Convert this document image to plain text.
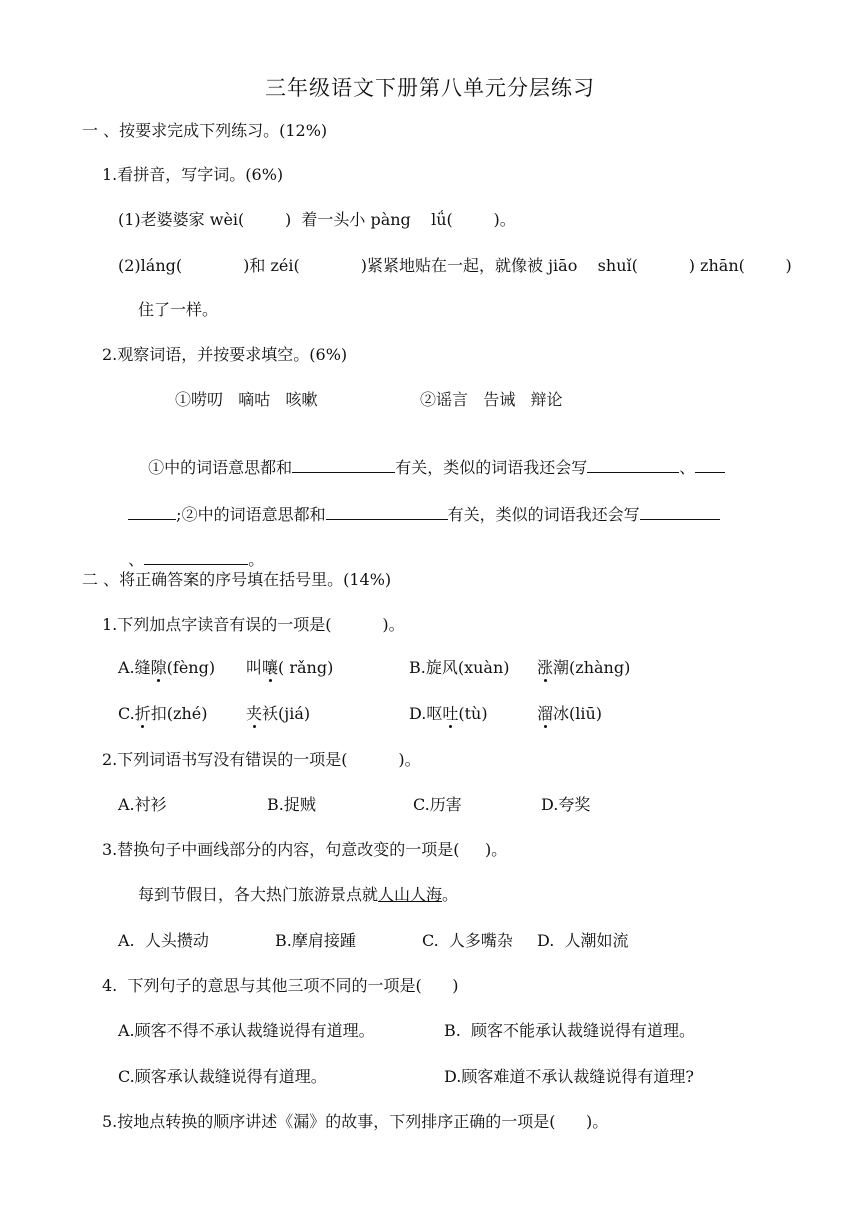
三年级语文下册第八单元分层练习
一 、按要求完成下列练习。(12%)
1.看拼音，写字词。(6%)
(1)老婆婆家 wèi(        )  着一头小 pàng    lǘ(        )。
(2)láng(            )和 zéi(            )紧紧地贴在一起，就像被 jiāo    shuǐ(          ) zhān(        )
住了一样。
2.观察词语，并按要求填空。(6%)
①唠叨   嘀咕   咳嗽	②谣言   告诫   辩论

①中的词语意思都和	有关，类似的词语我还会写	、

;②中的词语意思都和	有关，类似的词语我还会写

、	。

二 、将正确答案的序号填在括号里。(14%)
1.下列加点字读音有误的一项是(          )。
A.缝隙(fèng) 叫嚷( rǎng)	B.旋风(xuàn) 涨潮(zhàng)
C.折扣(zhé) 夹袄(jiá)	D.呕吐(tù)	溜冰(liū)
2.下列词语书写没有错误的一项是(          )。
A.衬衫	B.捉贼	C.历害	D.夸奖
3.替换句子中画线部分的内容，句意改变的一项是(     )。
每到节假日，各大热门旅游景点就人山人海。
A.  人头攒动	B.摩肩接踵	C.  人多嘴杂 D.  人潮如流
4.  下列句子的意思与其他三项不同的一项是(      )
A.顾客不得不承认裁缝说得有道理。	B.  顾客不能承认裁缝说得有道理。
C.顾客承认裁缝说得有道理。	D.顾客难道不承认裁缝说得有道理?
5.按地点转换的顺序讲述《漏》的故事，下列排序正确的一项是(      )。
